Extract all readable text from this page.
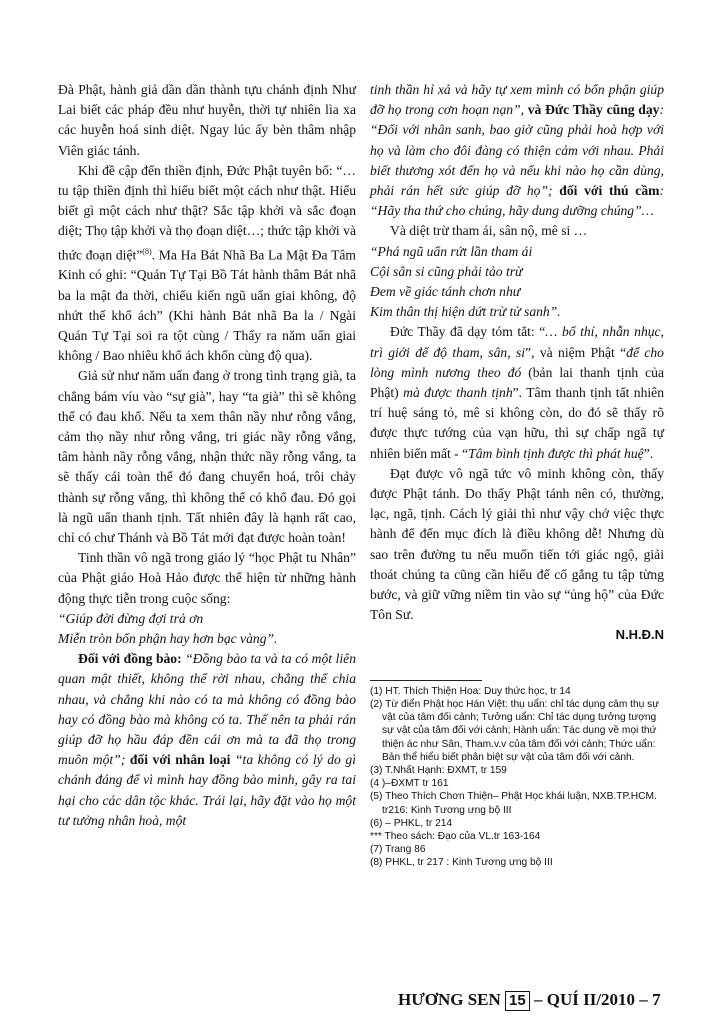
Đà Phật, hành giả dần dần thành tựu chánh định Như Lai biết các pháp đều như huyễn, thời tự nhiên lìa xa các huyễn hoá sinh diệt. Ngay lúc ấy bèn thâm nhập Viên giác tánh.

Khi đề cập đến thiền định, Đức Phật tuyên bố: “… tu tập thiền định thì hiểu biết một cách như thật. Hiểu biết gì một cách như thật? Sắc tập khởi và sắc đoạn diệt; Thọ tập khởi và thọ đoạn diệt…; thức tập khởi và thức đoạn diệt”$^{(8)}$. Ma Ha Bát Nhã Ba La Mật Đa Tâm Kinh có ghi: “Quán Tự Tại Bồ Tát hành thâm Bát nhã ba la mật đa thời, chiếu kiến ngũ uẩn giai không, độ nhứt thế khổ ách” (Khi hành Bát nhã Ba la / Ngài Quán Tự Tại soi ra tột cùng / Thấy ra năm uẩn giai không / Bao nhiêu khổ ách khốn cùng độ qua).

Giả sử như năm uẩn đang ở trong tình trạng già, ta chẳng bám víu vào “sự già”, hay “ta già” thì sẽ không thể có đau khổ. Nếu ta xem thân nầy như rỗng vắng, cảm thọ nầy như rỗng vắng, tri giác nầy rỗng vắng, tâm hành nầy rỗng vắng, nhận thức nầy rỗng vắng, ta sẽ thấy cái toàn thể đó đang chuyển hoá, trôi chảy thành sự rỗng vắng, thì không thể có khổ đau. Đó gọi là ngũ uẩn thanh tịnh. Tất nhiên đây là hạnh rất cao, chỉ có chư Thánh và Bồ Tát mới đạt được hoàn toàn!

Tinh thần vô ngã trong giáo lý “học Phật tu Nhân” của Phật giáo Hoà Hảo được thể hiện từ những hành động thực tiễn trong cuộc sống:

“Giúp đời đừng đợi trả ơn

Miễn tròn bổn phận hay hơn bạc vàng”.

Đối với đồng bào: “Đồng bào ta và ta có một liên quan mật thiết, không thể rời nhau, chẳng thể chia nhau, và chẳng khi nào có ta mà không có đồng bào hay có đồng bào mà không có ta. Thế nên ta phải rán giúp đỡ họ hầu đáp đền cái ơn mà ta đã thọ trong muôn một”; đối với nhân loại “ta không có lý do gì chánh đáng để vì mình hay đồng bào mình, gây ra tai hại cho các dân tộc khác. Trái lại, hãy đặt vào họ một tư tưởng nhân hoà, một

tinh thần hỉ xả và hãy tự xem mình có bổn phận giúp đỡ họ trong cơn hoạn nạn”, và Đức Thầy cũng dạy: “Đối với nhân sanh, bao giờ cũng phải hoà hợp với họ và làm cho đôi đàng có thiện cảm với nhau. Phải biết thương xót đến họ và nếu khi nào họ cần dùng, phải rán hết sức giúp đỡ họ”; đối với thú cầm: “Hãy tha thứ cho chúng, hãy dung dưỡng chúng”…

Và diệt trừ tham ái, sân nộ, mê si …

“Phá ngũ uẩn rứt lần tham ái

Cội sân si cũng phải tảo trừ

Đem về giác tánh chơn như

Kim thân thị hiện dứt trừ tử sanh”.

Đức Thầy đã dạy tóm tắt: “… bố thí, nhẫn nhục, trì giới để độ tham, sân, si”, và niệm Phật “để cho lòng mình nương theo đó (bản lai thanh tịnh của Phật) mà được thanh tịnh”. Tâm thanh tịnh tất nhiên trí huệ sáng tỏ, mê si không còn, do đó sẽ thấy rõ được thực tướng của vạn hữu, thì sự chấp ngã tự nhiên biến mất - “Tâm bình tịnh được thì phát huệ”.

Đạt được vô ngã tức vô minh không còn, thấy được Phật tánh. Do thấy Phật tánh nên có, thường, lạc, ngã, tịnh. Cách lý giải thì như vậy chớ việc thực hành để đến mục đích là điều không dễ! Nhưng dù sao trên đường tu nếu muốn tiến tới giác ngộ, giải thoát chúng ta cũng cần hiểu để cố gắng tu tập từng bước, và giữ vững niềm tin vào sự “ủng hộ” của Đức Tôn Sư.

N.H.Đ.N

(1) HT. Thích Thiện Hoa: Duy thức học, tr 14
(2) Từ điển Phật học Hán Việt: thụ uẩn: chỉ tác dụng cảm thụ sự vật của tâm đối cảnh; Tưởng uẩn: Chỉ tác dụng tưởng tượng sự vật của tâm đối với cảnh; Hành uẩn: Tác dụng về mọi thứ thiện ác như Sân, Tham.v.v của tâm đối với cảnh; Thức uẩn: Bản thể hiểu biết phân biệt sự vật của tâm đối với cảnh.
(3) T.Nhất Hạnh: ĐXMT, tr 159
(4 )–ĐXMT tr 161
(5) Theo Thích Chơn Thiện– Phật Học khái luận, NXB.TP.HCM. tr216: Kinh Tương ưng bộ III
(6) – PHKL, tr 214
*** Theo sách: Đạo của VL.tr 163-164
(7) Trang 86
(8) PHKL, tr 217 : Kinh Tương ưng bộ III
HƯƠNG SEN 15 – QUÍ II/2010 – 7
